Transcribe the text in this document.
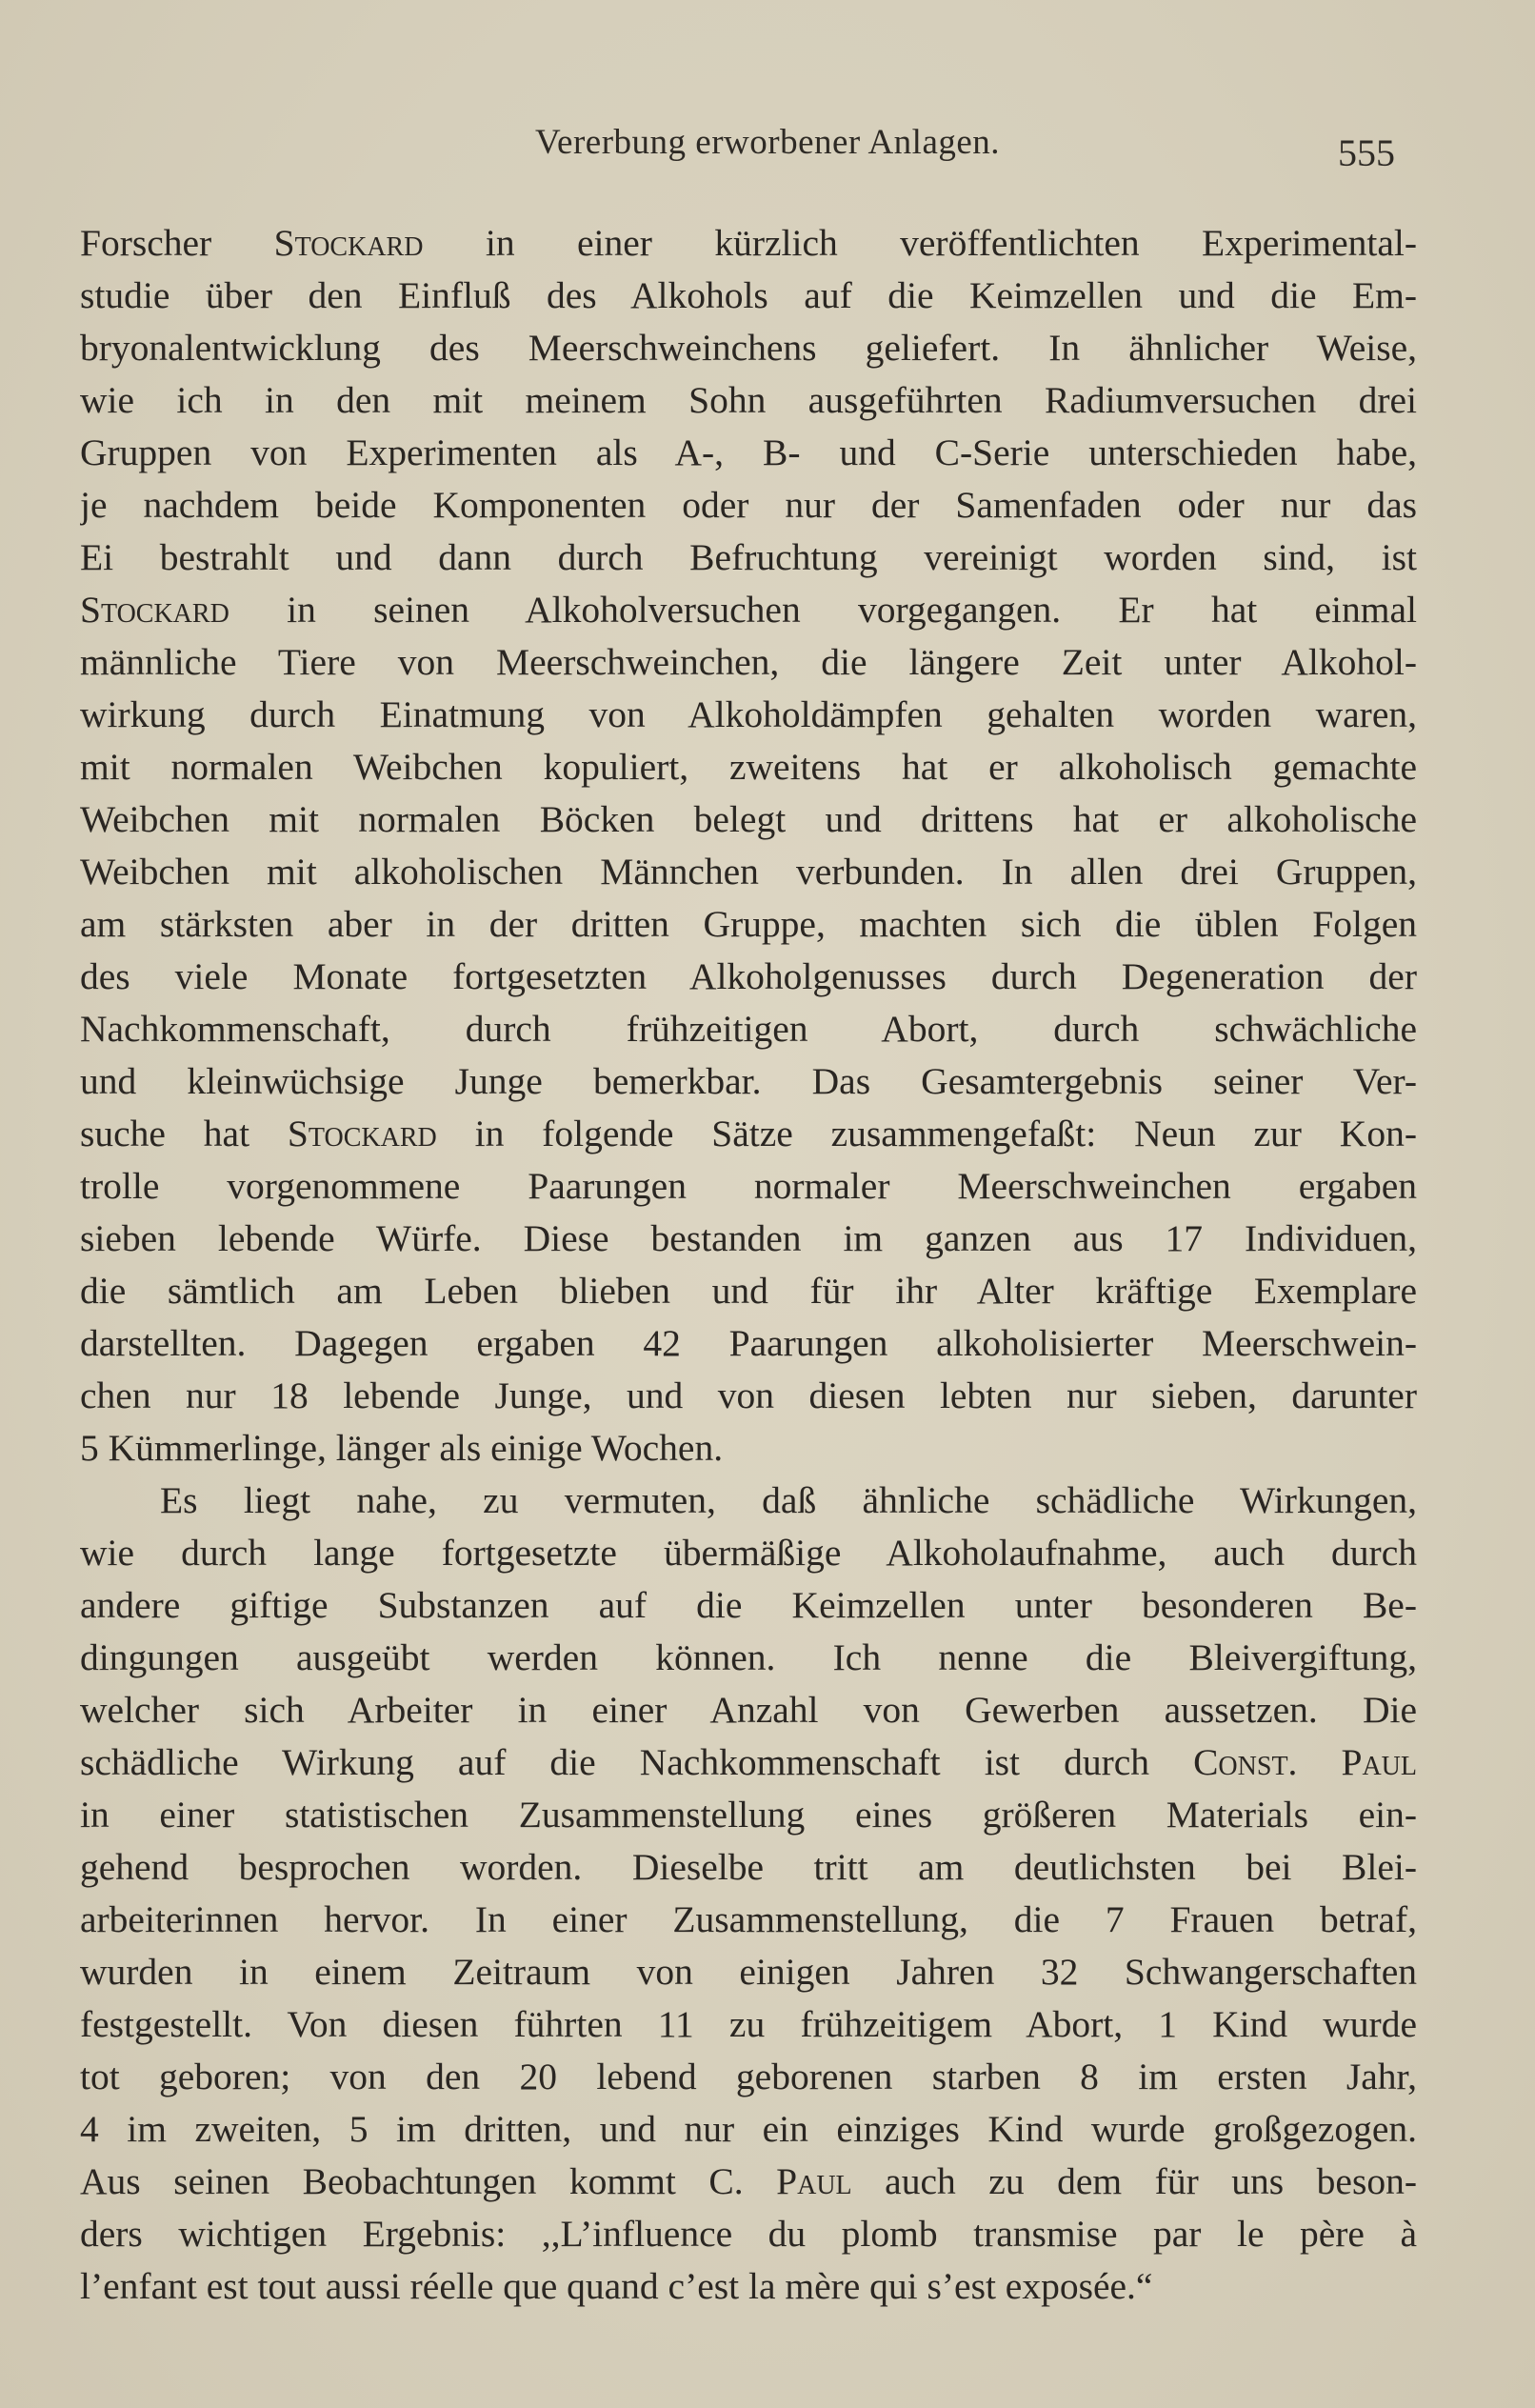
Vererbung erworbener Anlagen.	555
Forscher Stockard in einer kürzlich veröffentlichten Experimental-
studie über den Einfluß des Alkohols auf die Keimzellen und die Em-
bryonalentwicklung des Meerschweinchens geliefert. In ähnlicher Weise,
wie ich in den mit meinem Sohn ausgeführten Radiumversuchen drei
Gruppen von Experimenten als A-, B- und C-Serie unterschieden habe,
je nachdem beide Komponenten oder nur der Samenfaden oder nur das
Ei bestrahlt und dann durch Befruchtung vereinigt worden sind, ist
Stockard in seinen Alkoholversuchen vorgegangen. Er hat einmal
männliche Tiere von Meerschweinchen, die längere Zeit unter Alkohol-
wirkung durch Einatmung von Alkoholdämpfen gehalten worden waren,
mit normalen Weibchen kopuliert, zweitens hat er alkoholisch gemachte
Weibchen mit normalen Böcken belegt und drittens hat er alkoholische
Weibchen mit alkoholischen Männchen verbunden. In allen drei Gruppen,
am stärksten aber in der dritten Gruppe, machten sich die üblen Folgen
des viele Monate fortgesetzten Alkoholgenusses durch Degeneration der
Nachkommenschaft, durch frühzeitigen Abort, durch schwächliche
und kleinwüchsige Junge bemerkbar. Das Gesamtergebnis seiner Ver-
suche hat Stockard in folgende Sätze zusammengefaßt: Neun zur Kon-
trolle vorgenommene Paarungen normaler Meerschweinchen ergaben
sieben lebende Würfe. Diese bestanden im ganzen aus 17 Individuen,
die sämtlich am Leben blieben und für ihr Alter kräftige Exemplare
darstellten. Dagegen ergaben 42 Paarungen alkoholisierter Meerschwein-
chen nur 18 lebende Junge, und von diesen lebten nur sieben, darunter
5 Kümmerlinge, länger als einige Wochen.
Es liegt nahe, zu vermuten, daß ähnliche schädliche Wirkungen,
wie durch lange fortgesetzte übermäßige Alkoholaufnahme, auch durch
andere giftige Substanzen auf die Keimzellen unter besonderen Be-
dingungen ausgeübt werden können. Ich nenne die Bleivergiftung,
welcher sich Arbeiter in einer Anzahl von Gewerben aussetzen. Die
schädliche Wirkung auf die Nachkommenschaft ist durch Const. Paul
in einer statistischen Zusammenstellung eines größeren Materials ein-
gehend besprochen worden. Dieselbe tritt am deutlichsten bei Blei-
arbeiterinnen hervor. In einer Zusammenstellung, die 7 Frauen betraf,
wurden in einem Zeitraum von einigen Jahren 32 Schwangerschaften
festgestellt. Von diesen führten 11 zu frühzeitigem Abort, 1 Kind wurde
tot geboren; von den 20 lebend geborenen starben 8 im ersten Jahr,
4 im zweiten, 5 im dritten, und nur ein einziges Kind wurde großgezogen.
Aus seinen Beobachtungen kommt C. Paul auch zu dem für uns beson-
ders wichtigen Ergebnis: ,,L’influence du plomb transmise par le père à
l’enfant est tout aussi réelle que quand c’est la mère qui s’est exposée.“
